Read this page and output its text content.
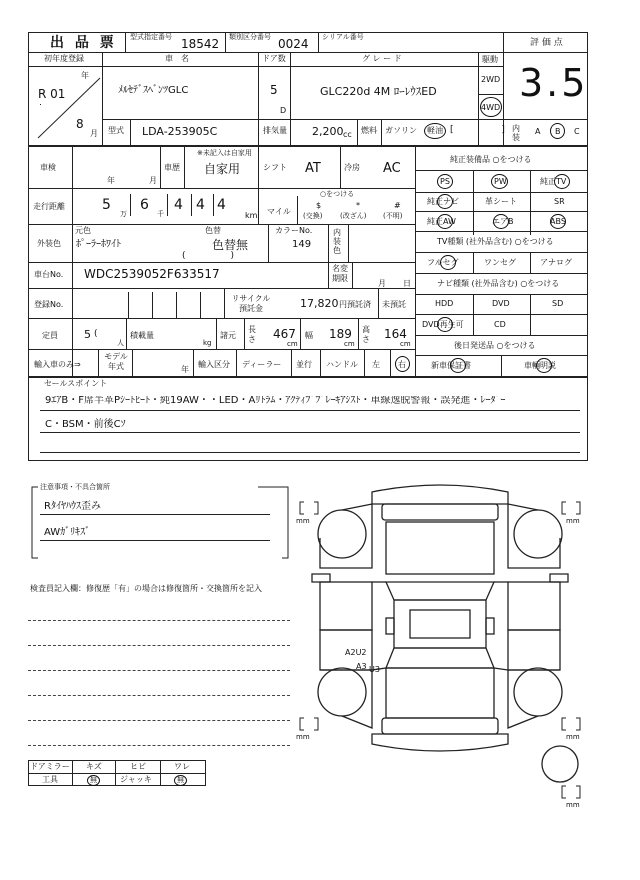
出 品 票 型式指定番号 18542 類別区分番号 0024 シリアル番号
評 価 点
3.5
初年度登録	車　名	ドア数	グ レ ー ド	駆動
R 01
年
8
月
ﾒﾙｾﾃﾞｽﾍﾞﾝﾂGLC	5
D
GLC220d 4M ﾛｰﾚｳｽED
2WD
4WD
型式 LDA-253905C	排気量 2,200 cc 燃料 ガソリン 軽油 [　　　　　 ] 内装
A B C
車検
年	月
車歴
※未記入は自家用
自家用	シフト AT	冷房 AC
走行距離	5
万
6
千
4 4 4
km マイル
○をつける
$
(交換)
*
(改ざん)
#
(不明)
外装色
元色
ﾎﾟｰﾗｰﾎﾜｲﾄ
色替
色替無
(　　　　　)
カラーNo.
149
内装色
車台No. WDC2539052F633517	名変期限
月 日
登録No.
リサイクル預託金	17,820 円預託済 未預託
定員 5 (
人
積載量
kg
諸元
長さ 467
cm
幅 189
cm
高さ 164
cm
輸入車のみ⇒
モデル年式	年
輸入区分 ディーラー 並行 ハンドル 左 右
純正装備品 ○をつける
PS	PW	純正TV
純正ナビ	革シート	SR
純正AW	エアB	ABS
TV種類 (社外品含む) ○をつける
フルセグ	ワンセグ	アナログ
ナビ種類 (社外品含む) ○をつける
HDD	DVD	SD
DVD再生可	CD
後日発送品 ○をつける
新車保証書	車輌明説
セールスポイント
9ｴｱB・F席半革Pｼｰﾄﾋｰﾄ・純19AW・・LED・Aﾘﾄﾗﾑ・ｱｸﾃｨﾌﾞﾌﾞﾚｰｷｱｼｽﾄ・車線逸脱警報・誤発進・ﾚｰﾀﾞｰ
C・BSM・前後Cｿ
注意事項・不具合箇所
Rﾀｲﾔﾊｳｽ歪み
AWｶﾞﾘｷｽﾞ
検査員記入欄：修復歴「有」の場合は修復箇所・交換箇所を記入
ドアミラー キズ	ヒビ	ワレ
工具	無	ジャッキ	無
mm	mm
mm	mm
mm
A2U2
A3 U3
